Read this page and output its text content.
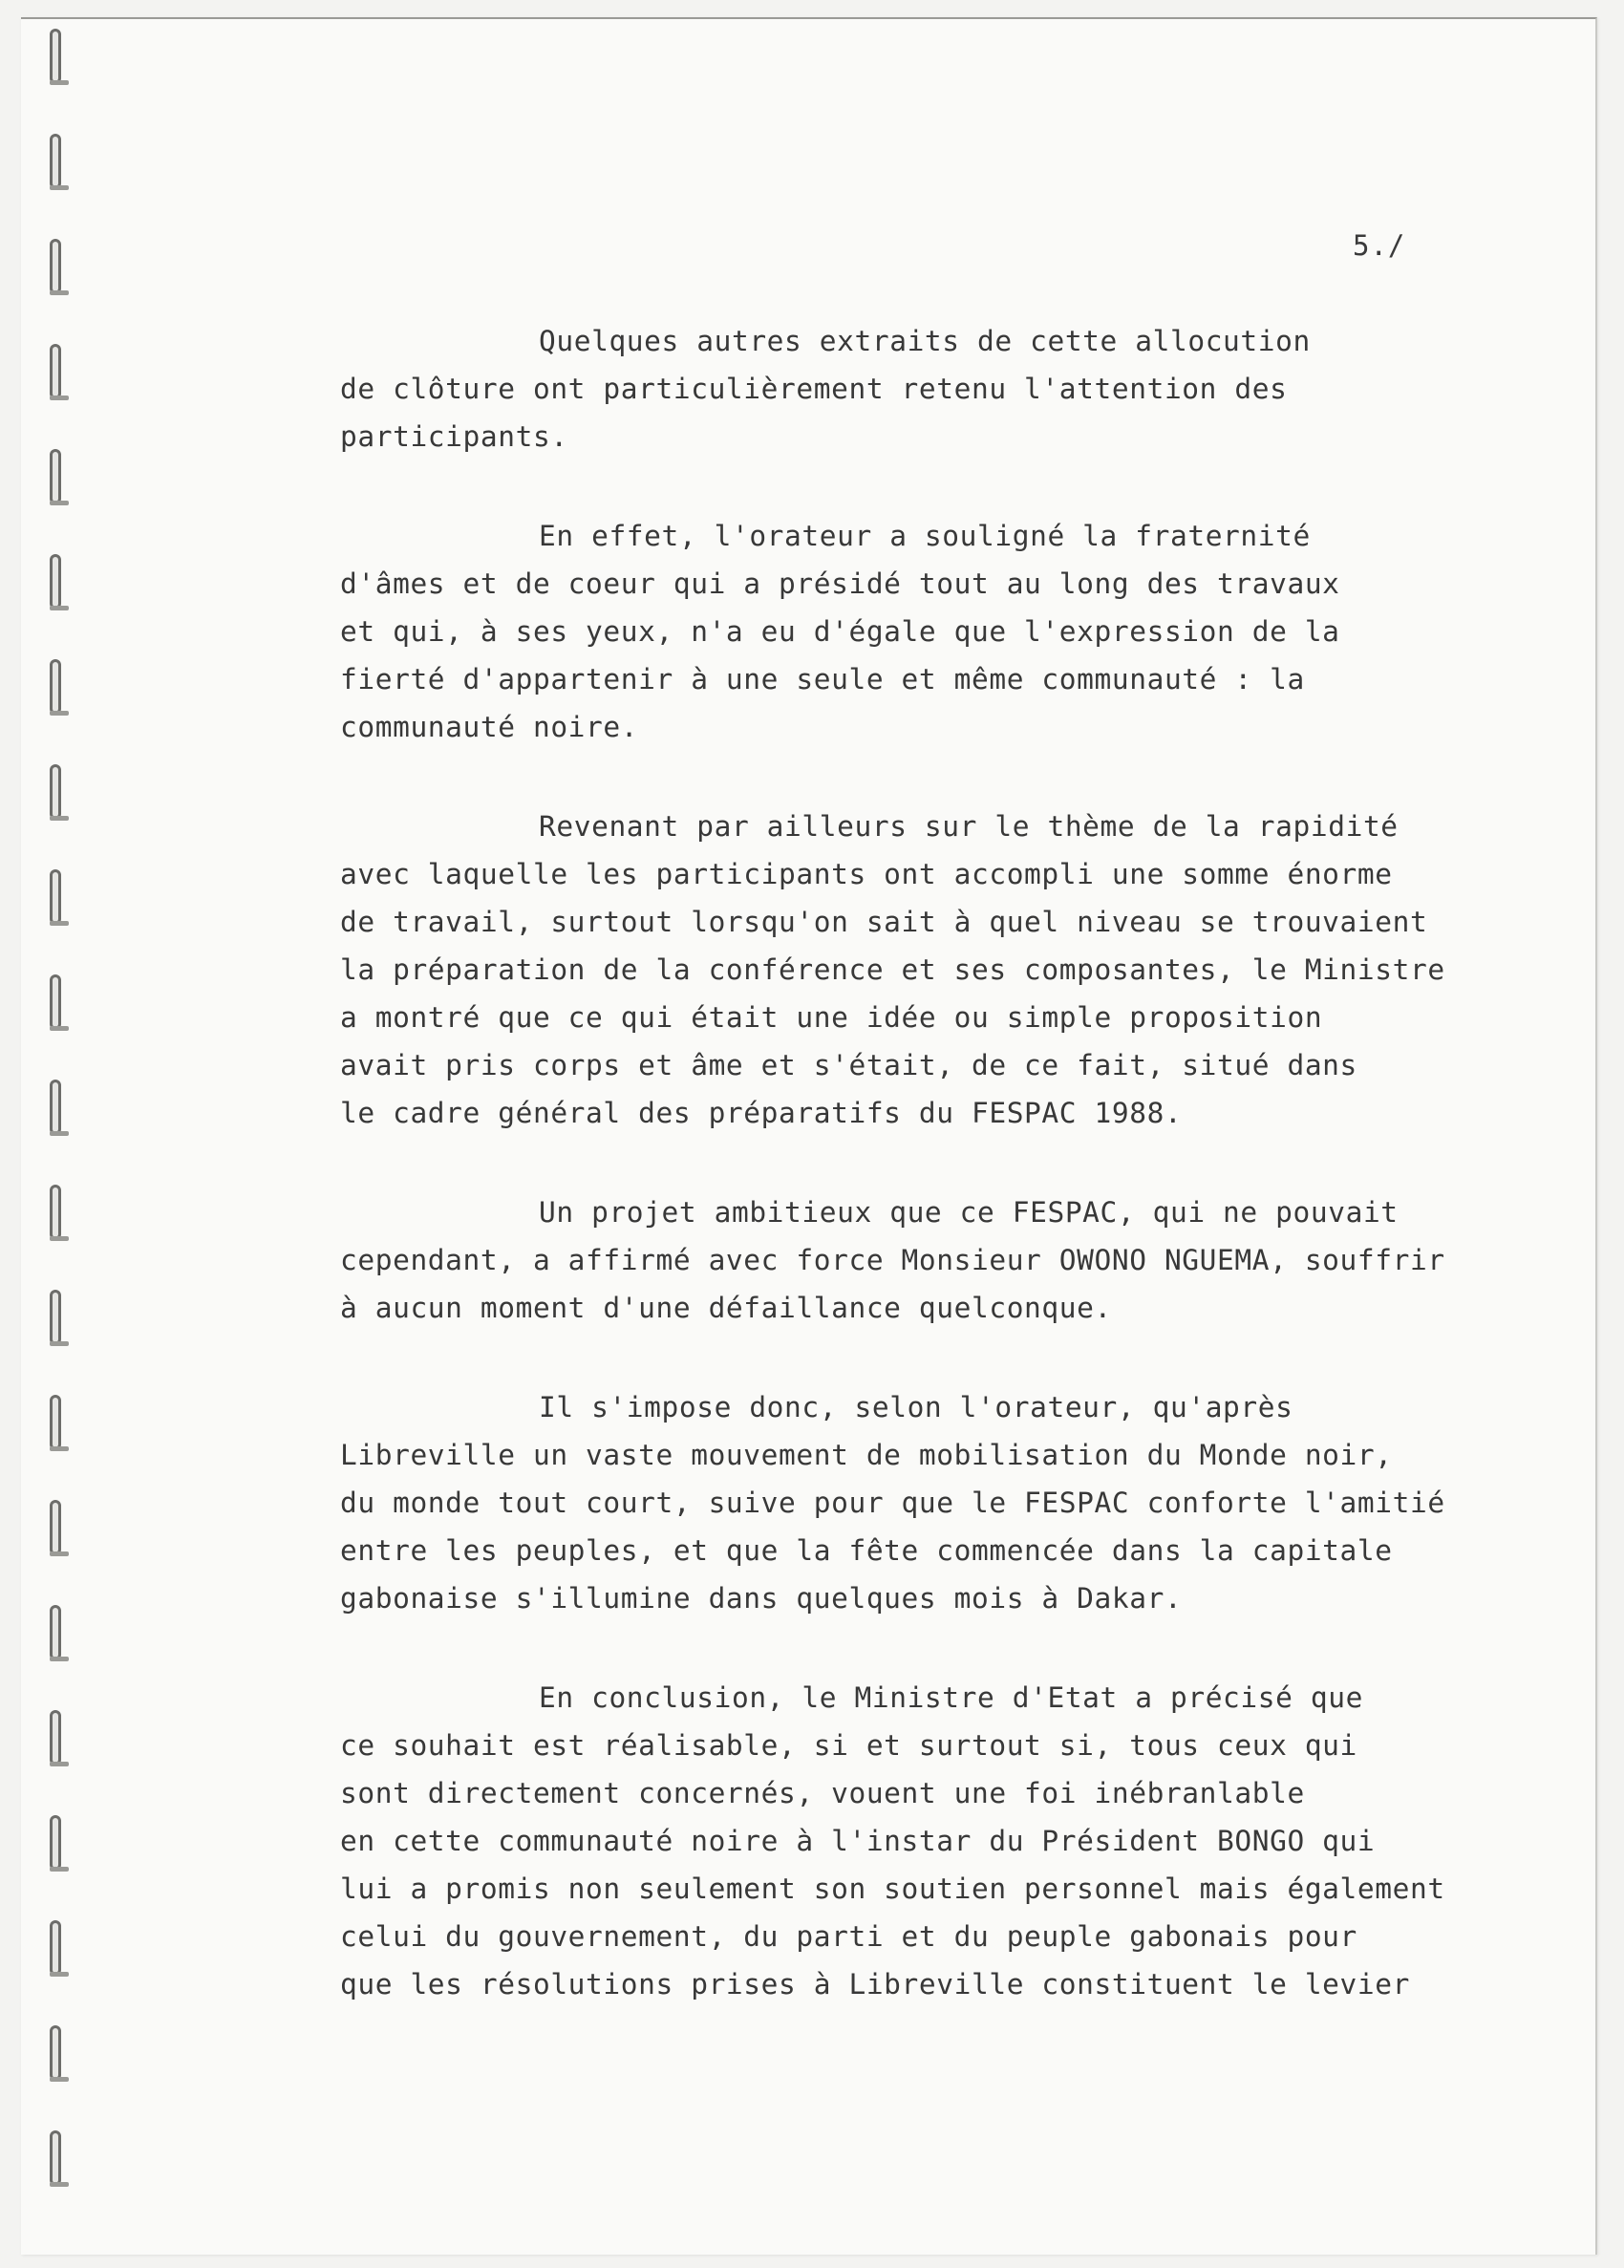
5./
Quelques autres extraits de cette allocution
de clôture ont particulièrement retenu l'attention des
participants.
En effet, l'orateur a souligné la fraternité
d'âmes et de coeur qui a présidé tout au long des travaux
et qui, à ses yeux, n'a eu d'égale que l'expression de la
fierté d'appartenir à une seule et même communauté : la
communauté noire.
Revenant par ailleurs sur le thème de la rapidité
avec laquelle les participants ont accompli une somme énorme
de travail, surtout lorsqu'on sait à quel niveau se trouvaient
la préparation de la conférence et ses composantes, le Ministre
a montré que ce qui était une idée ou simple proposition
avait pris corps et âme et s'était, de ce fait, situé dans
le cadre général des préparatifs du FESPAC 1988.
Un projet ambitieux que ce FESPAC, qui ne pouvait
cependant, a affirmé avec force Monsieur OWONO NGUEMA, souffrir
à aucun moment d'une défaillance quelconque.
Il s'impose donc, selon l'orateur, qu'après
Libreville un vaste mouvement de mobilisation du Monde noir,
du monde tout court, suive pour que le FESPAC conforte l'amitié
entre les peuples, et que la fête commencée dans la capitale
gabonaise s'illumine dans quelques mois à Dakar.
En conclusion, le Ministre d'Etat a précisé que
ce souhait est réalisable, si et surtout si, tous ceux qui
sont directement concernés, vouent une foi inébranlable
en cette communauté noire à l'instar du Président BONGO qui
lui a promis non seulement son soutien personnel mais également
celui du gouvernement, du parti et du peuple gabonais pour
que les résolutions prises à Libreville constituent le levier
